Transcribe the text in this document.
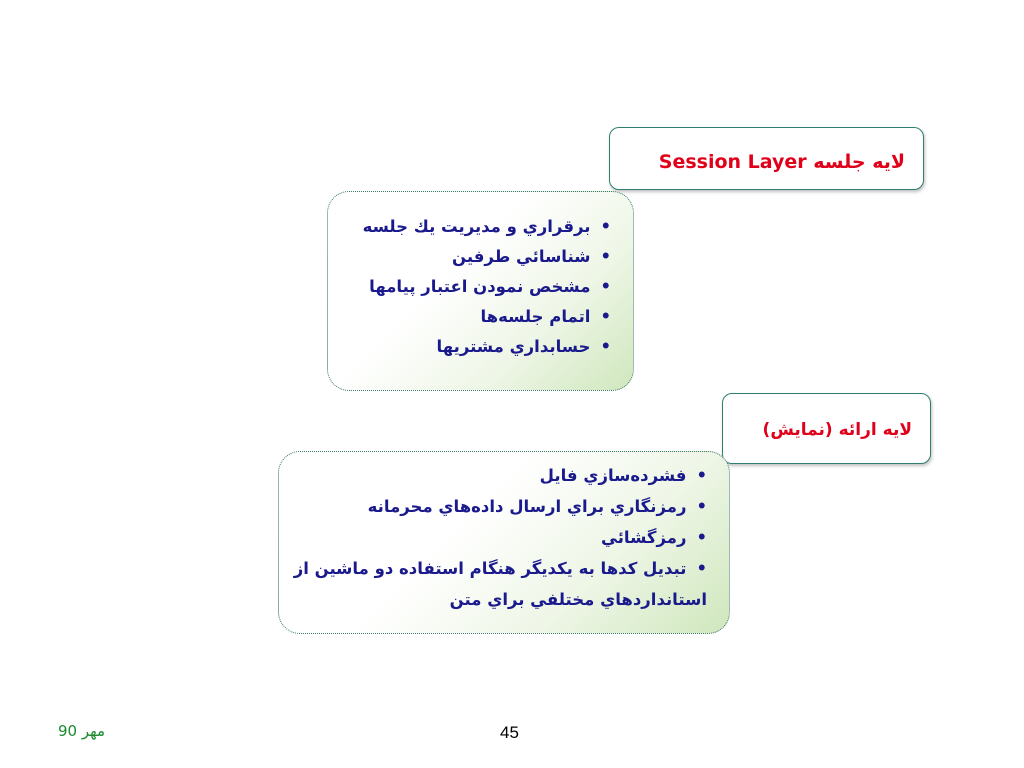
لايه جلسه Session Layer
• برقراري و مديريت يك جلسه
• شناسائي طرفين
• مشخص نمودن اعتبار پيامها
• اتمام جلسه‌ها
• حسابداري مشتريها
لايه ارائه (نمايش)
• فشرده‌سازي فايل
• رمزنگاري براي ارسال داده‌هاي محرمانه
• رمزگشائي
• تبديل كدها به يكديگر هنگام استفاده دو ماشين از استانداردهاي مختلفي براي متن
مهر 90	45
